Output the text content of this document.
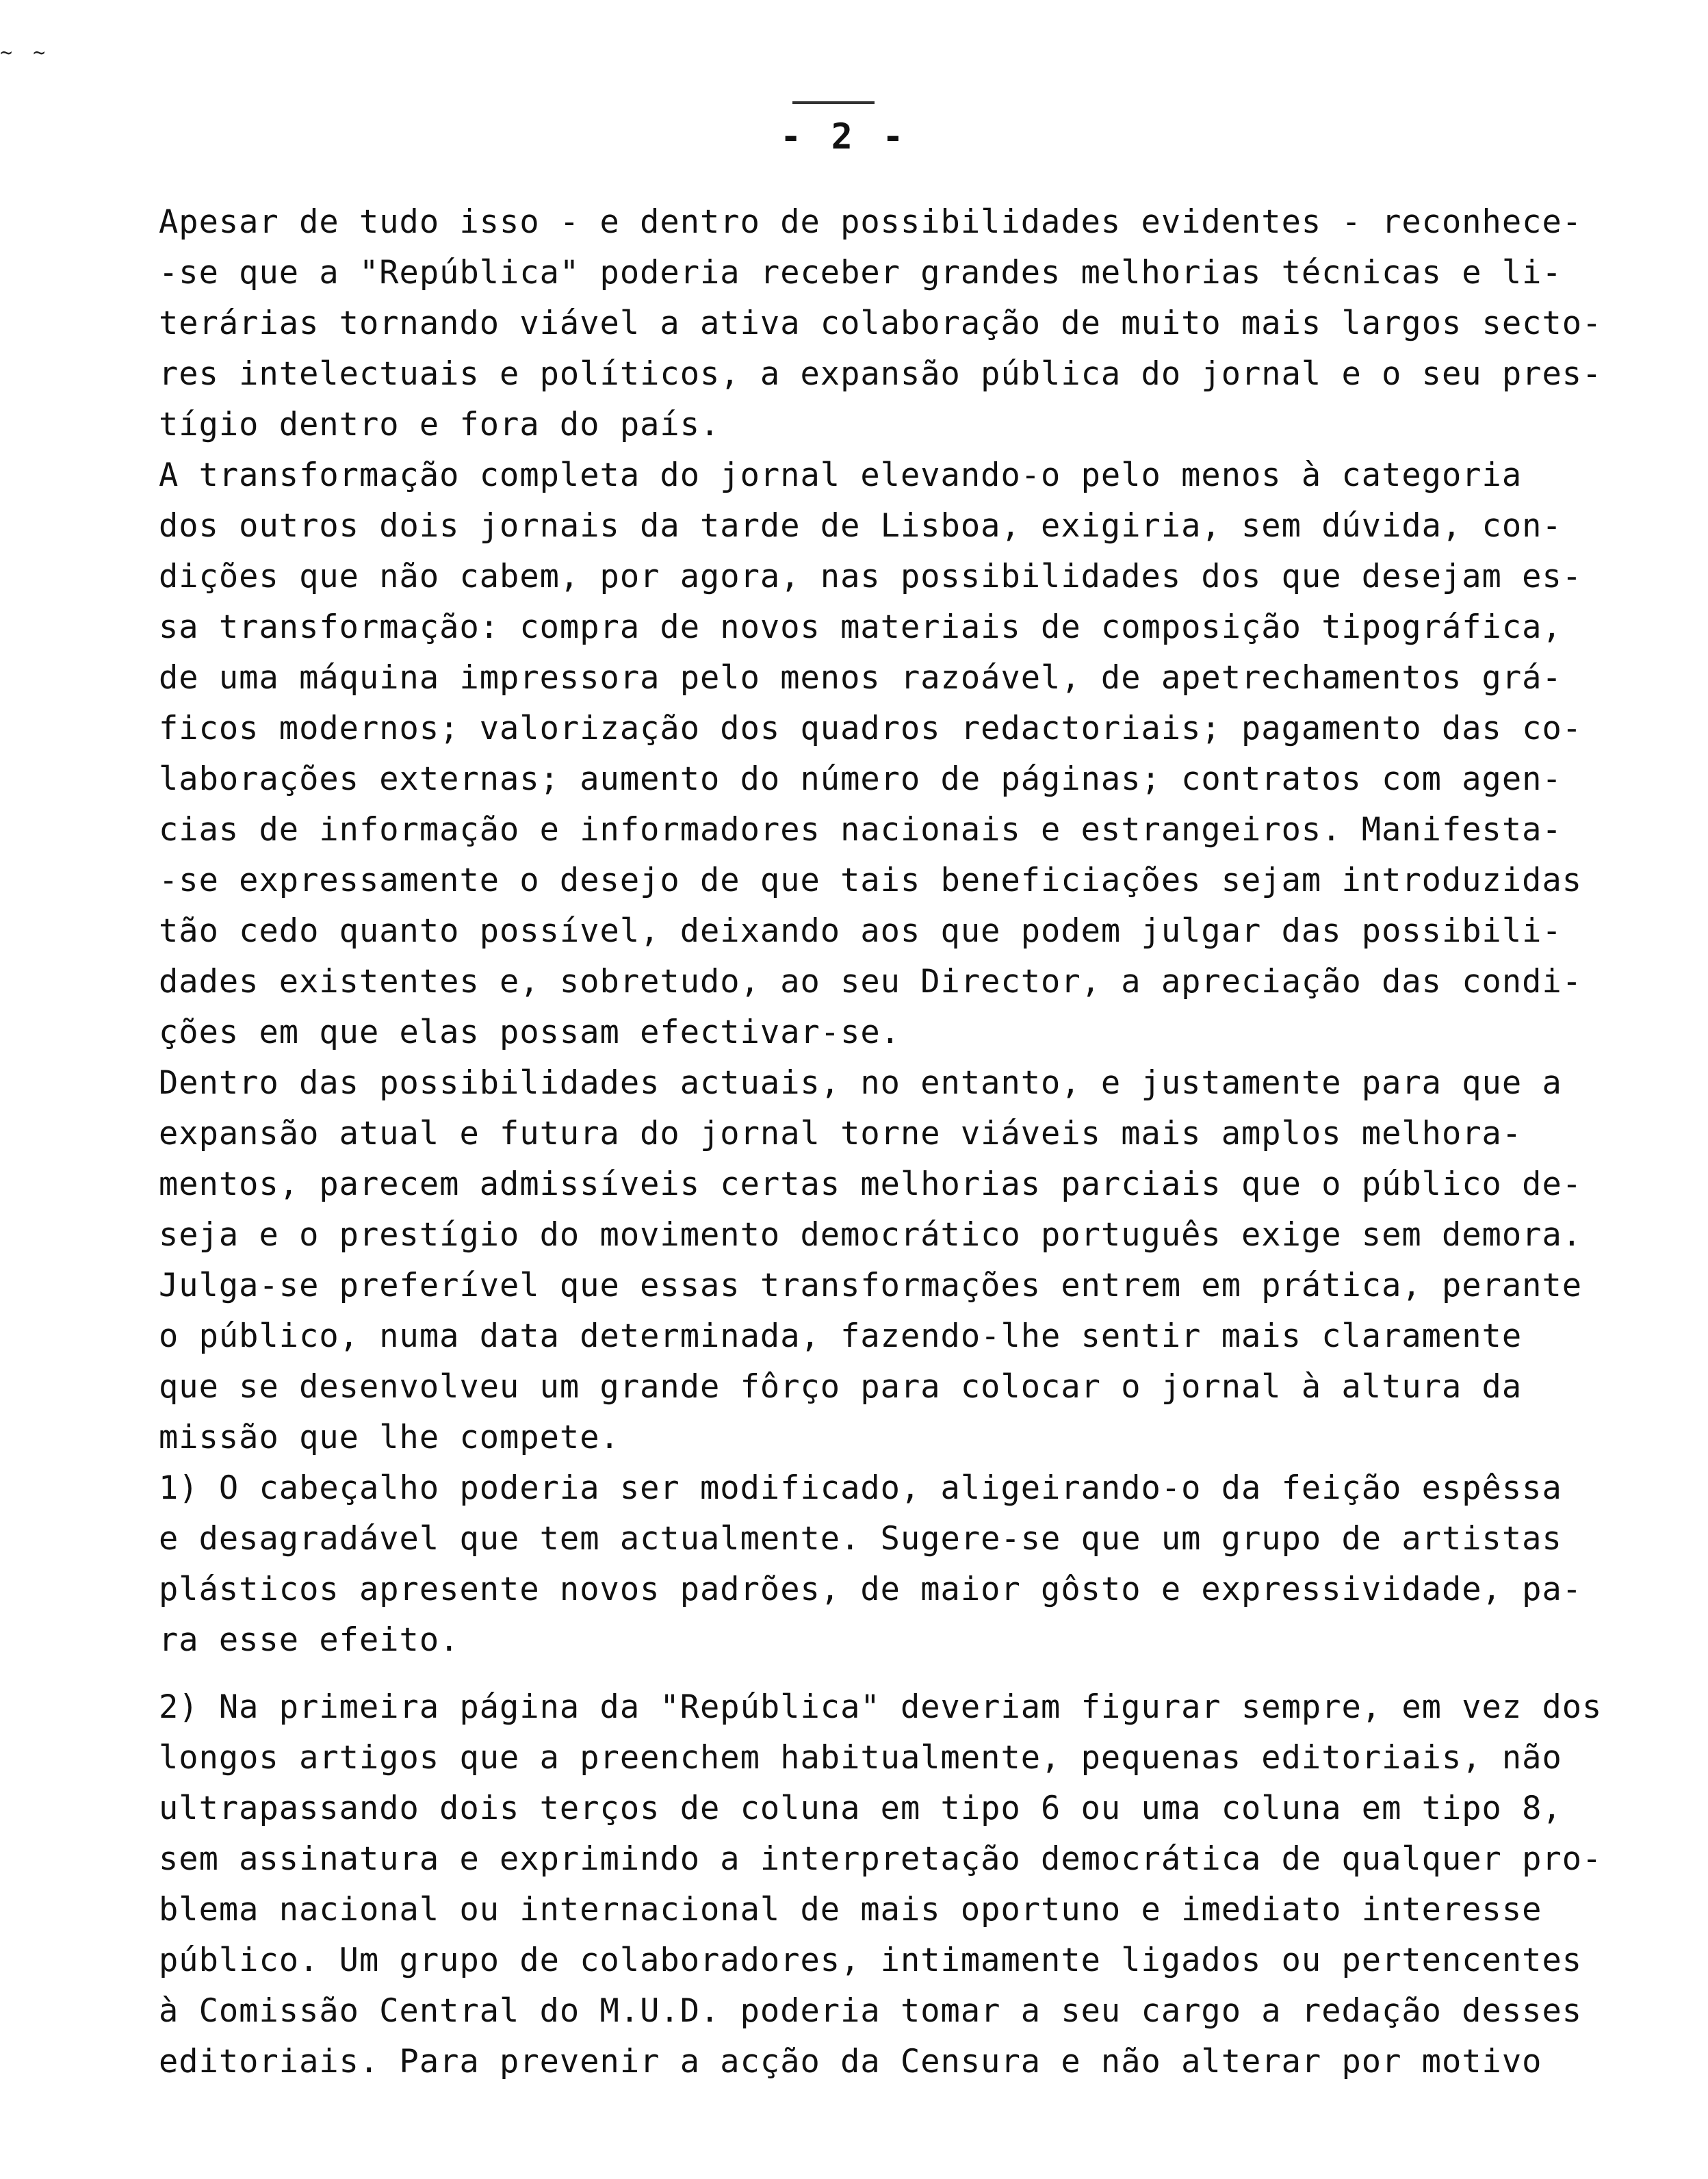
~ ~
- 2 -
Apesar de tudo isso - e dentro de possibilidades evidentes - reconhece-
-se que a "República" poderia receber grandes melhorias técnicas e li-
terárias tornando viável a ativa colaboração de muito mais largos secto-
res intelectuais e políticos, a expansão pública do jornal e o seu pres-
tígio dentro e fora do país.
A transformação completa do jornal elevando-o pelo menos à categoria
dos outros dois jornais da tarde de Lisboa, exigiria, sem dúvida, con-
dições que não cabem, por agora, nas possibilidades dos que desejam es-
sa transformação: compra de novos materiais de composição tipográfica,
de uma máquina impressora pelo menos razoável, de apetrechamentos grá-
ficos modernos; valorização dos quadros redactoriais; pagamento das co-
laborações externas; aumento do número de páginas; contratos com agen-
cias de informação e informadores nacionais e estrangeiros. Manifesta-
-se expressamente o desejo de que tais beneficiações sejam introduzidas
tão cedo quanto possível, deixando aos que podem julgar das possibili-
dades existentes e, sobretudo, ao seu Director, a apreciação das condi-
ções em que elas possam efectivar-se.
Dentro das possibilidades actuais, no entanto, e justamente para que a
expansão atual e futura do jornal torne viáveis mais amplos melhora-
mentos, parecem admissíveis certas melhorias parciais que o público de-
seja e o prestígio do movimento democrático português exige sem demora.
Julga-se preferível que essas transformações entrem em prática, perante
o público, numa data determinada, fazendo-lhe sentir mais claramente
que se desenvolveu um grande fôrço para colocar o jornal à altura da
missão que lhe compete.
1) O cabeçalho poderia ser modificado, aligeirando-o da feição espêssa
e desagradável que tem actualmente. Sugere-se que um grupo de artistas
plásticos apresente novos padrões, de maior gôsto e expressividade, pa-
ra esse efeito.
2) Na primeira página da "República" deveriam figurar sempre, em vez dos
longos artigos que a preenchem habitualmente, pequenas editoriais, não
ultrapassando dois terços de coluna em tipo 6 ou uma coluna em tipo 8,
sem assinatura e exprimindo a interpretação democrática de qualquer pro-
blema nacional ou internacional de mais oportuno e imediato interesse
público. Um grupo de colaboradores, intimamente ligados ou pertencentes
à Comissão Central do M.U.D. poderia tomar a seu cargo a redação desses
editoriais. Para prevenir a acção da Censura e não alterar por motivo
